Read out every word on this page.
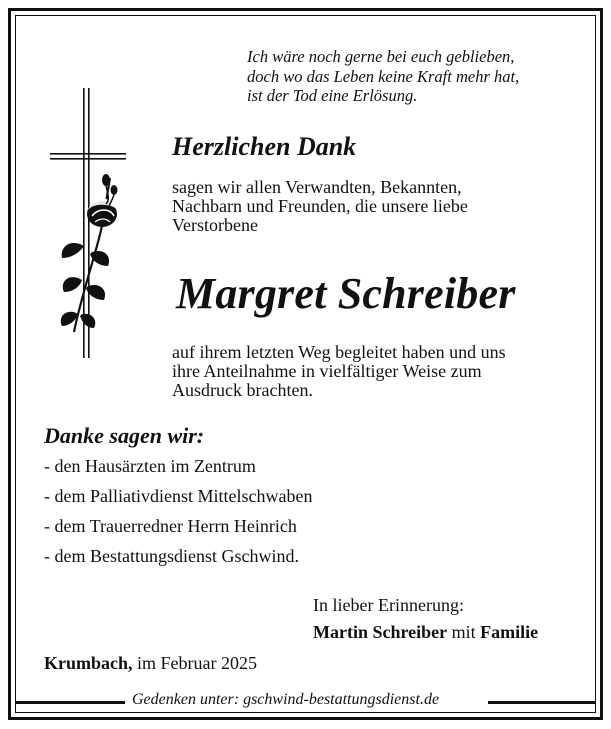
Ich wäre noch gerne bei euch geblieben,
doch wo das Leben keine Kraft mehr hat,
ist der Tod eine Erlösung.
Herzlichen Dank
sagen wir allen Verwandten, Bekannten,
Nachbarn und Freunden, die unsere liebe
Verstorbene
Margret Schreiber
auf ihrem letzten Weg begleitet haben und uns
ihre Anteilnahme in vielfältiger Weise zum
Ausdruck brachten.
Danke sagen wir:
- den Hausärzten im Zentrum
- dem Palliativdienst Mittelschwaben
- dem Trauerredner Herrn Heinrich
- dem Bestattungsdienst Gschwind.
In lieber Erinnerung:
Martin Schreiber mit Familie
Krumbach, im Februar 2025
Gedenken unter: gschwind-bestattungsdienst.de
